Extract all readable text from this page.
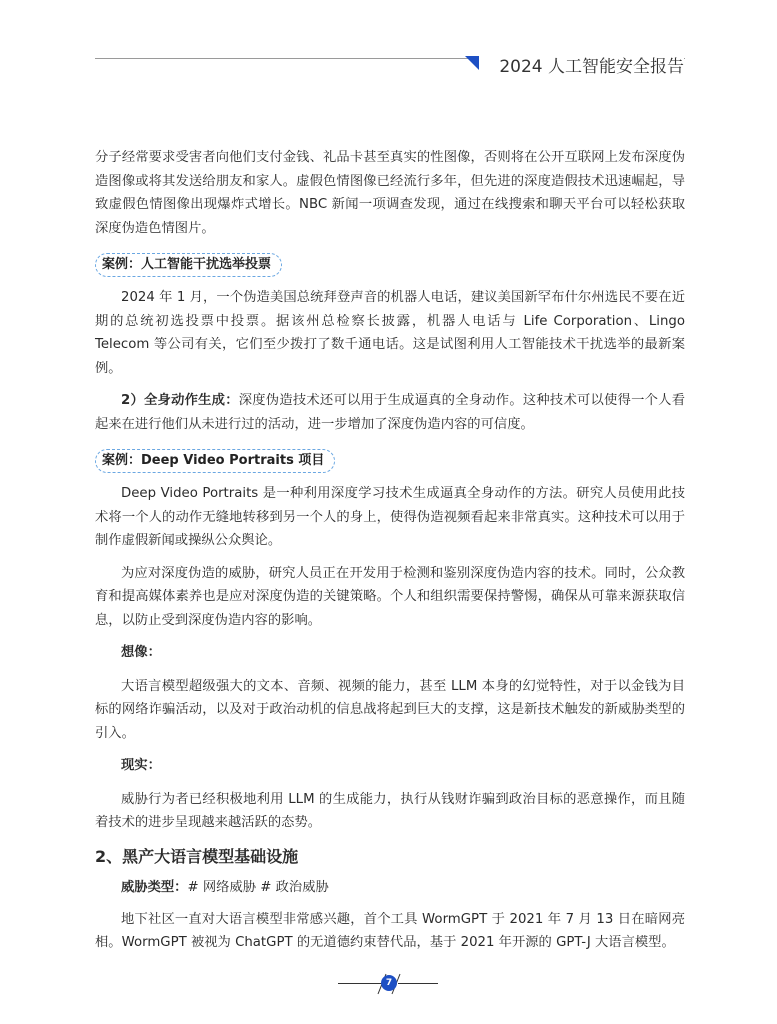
2024 人工智能安全报告

分子经常要求受害者向他们支付金钱、礼品卡甚至真实的性图像，否则将在公开互联网上发布深度伪造图像或将其发送给朋友和家人。虚假色情图像已经流行多年，但先进的深度造假技术迅速崛起，导致虚假色情图像出现爆炸式增长。NBC 新闻一项调查发现，通过在线搜索和聊天平台可以轻松获取深度伪造色情图片。

案例：人工智能干扰选举投票

2024 年 1 月，一个伪造美国总统拜登声音的机器人电话，建议美国新罕布什尔州选民不要在近期的总统初选投票中投票。据该州总检察长披露，机器人电话与 Life Corporation、Lingo Telecom 等公司有关，它们至少拨打了数千通电话。这是试图利用人工智能技术干扰选举的最新案例。

2）全身动作生成：深度伪造技术还可以用于生成逼真的全身动作。这种技术可以使得一个人看起来在进行他们从未进行过的活动，进一步增加了深度伪造内容的可信度。

案例：Deep Video Portraits 项目

Deep Video Portraits 是一种利用深度学习技术生成逼真全身动作的方法。研究人员使用此技术将一个人的动作无缝地转移到另一个人的身上，使得伪造视频看起来非常真实。这种技术可以用于制作虚假新闻或操纵公众舆论。

为应对深度伪造的威胁，研究人员正在开发用于检测和鉴别深度伪造内容的技术。同时，公众教育和提高媒体素养也是应对深度伪造的关键策略。个人和组织需要保持警惕，确保从可靠来源获取信息，以防止受到深度伪造内容的影响。

想像：

大语言模型超级强大的文本、音频、视频的能力，甚至 LLM 本身的幻觉特性，对于以金钱为目标的网络诈骗活动，以及对于政治动机的信息战将起到巨大的支撑，这是新技术触发的新威胁类型的引入。

现实：

威胁行为者已经积极地利用 LLM 的生成能力，执行从钱财诈骗到政治目标的恶意操作，而且随着技术的进步呈现越来越活跃的态势。

2、黑产大语言模型基础设施

威胁类型：# 网络威胁 # 政治威胁

地下社区一直对大语言模型非常感兴趣，首个工具 WormGPT 于 2021 年 7 月 13 日在暗网亮相。WormGPT 被视为 ChatGPT 的无道德约束替代品，基于 2021 年开源的 GPT-J 大语言模型。

7
